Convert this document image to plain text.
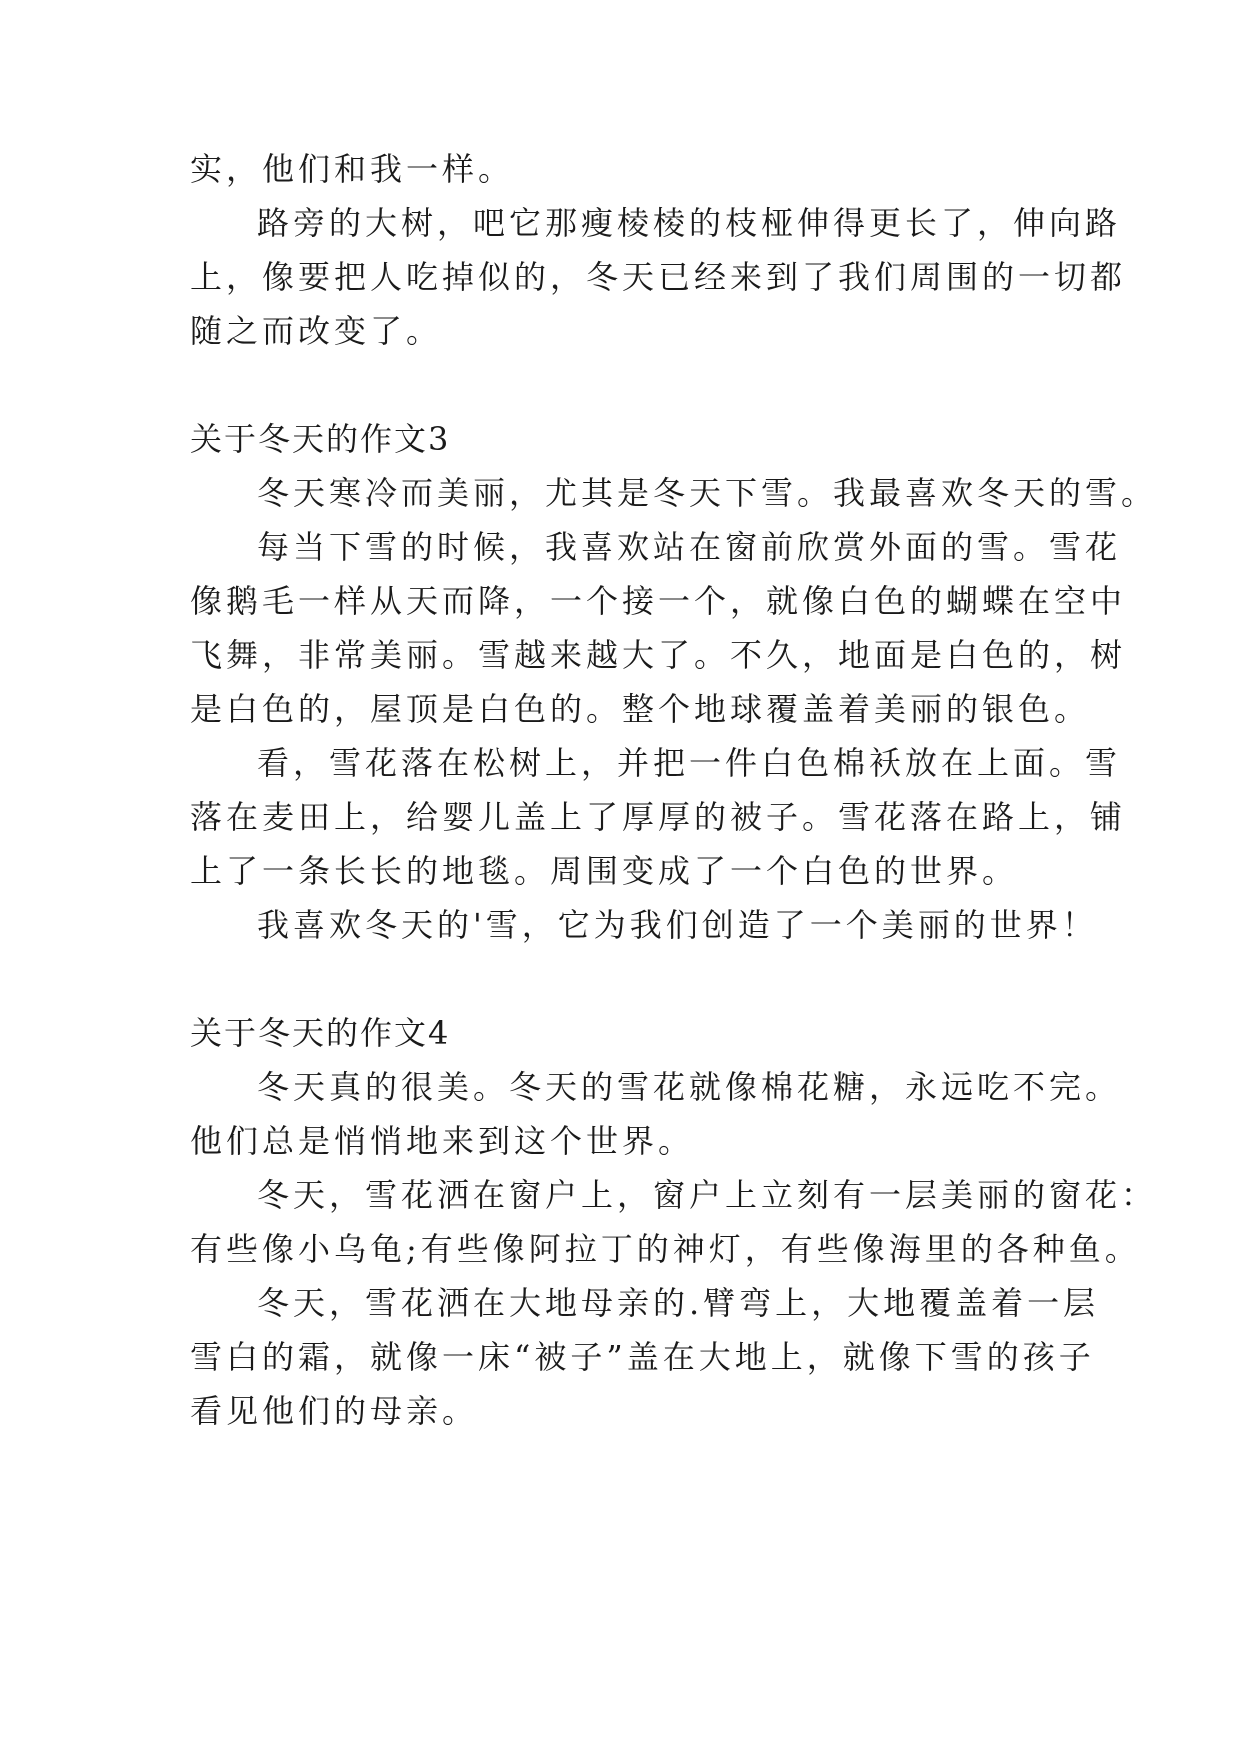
实，他们和我一样。
路旁的大树，吧它那瘦棱棱的枝桠伸得更长了，伸向路
上，像要把人吃掉似的，冬天已经来到了我们周围的一切都
随之而改变了。
关于冬天的作文3
冬天寒冷而美丽，尤其是冬天下雪。我最喜欢冬天的雪。
每当下雪的时候，我喜欢站在窗前欣赏外面的雪。雪花
像鹅毛一样从天而降，一个接一个，就像白色的蝴蝶在空中
飞舞，非常美丽。雪越来越大了。不久，地面是白色的，树
是白色的，屋顶是白色的。整个地球覆盖着美丽的银色。
看，雪花落在松树上，并把一件白色棉袄放在上面。雪
落在麦田上，给婴儿盖上了厚厚的被子。雪花落在路上，铺
上了一条长长的地毯。周围变成了一个白色的世界。
我喜欢冬天的'雪，它为我们创造了一个美丽的世界！
关于冬天的作文4
冬天真的很美。冬天的雪花就像棉花糖，永远吃不完。
他们总是悄悄地来到这个世界。
冬天，雪花洒在窗户上，窗户上立刻有一层美丽的窗花：
有些像小乌龟;有些像阿拉丁的神灯，有些像海里的各种鱼。
冬天，雪花洒在大地母亲的.臂弯上，大地覆盖着一层
雪白的霜，就像一床“被子”盖在大地上，就像下雪的孩子
看见他们的母亲。
